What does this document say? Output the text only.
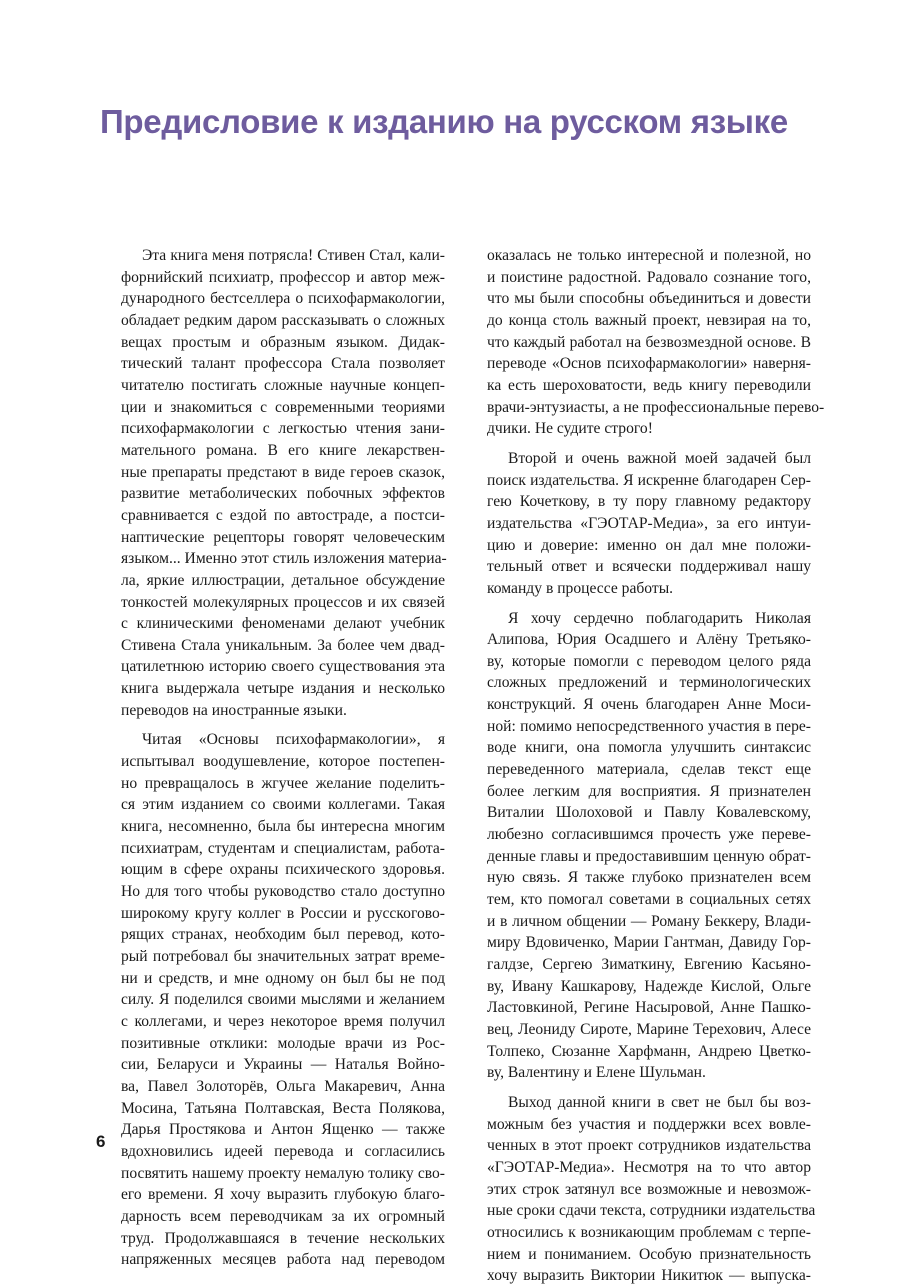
Предисловие к изданию на русском языке

Эта книга меня потрясла! Стивен Стал, кали-
форнийский психиатр, профессор и автор меж-
дународного бестселлера о психофармакологии,
обладает редким даром рассказывать о сложных
вещах простым и образным языком. Дидак-
тический талант профессора Стала позволяет
читателю постигать сложные научные концеп-
ции и знакомиться с современными теориями
психофармакологии с легкостью чтения зани-
мательного романа. В его книге лекарствен-
ные препараты предстают в виде героев сказок,
развитие метаболических побочных эффектов
сравнивается с ездой по автостраде, а постси-
наптические рецепторы говорят человеческим
языком... Именно этот стиль изложения материа-
ла, яркие иллюстрации, детальное обсуждение
тонкостей молекулярных процессов и их связей
с клиническими феноменами делают учебник
Стивена Стала уникальным. За более чем двад-
цатилетнюю историю своего существования эта
книга выдержала четыре издания и несколько
переводов на иностранные языки.

Читая «Основы психофармакологии», я
испытывал воодушевление, которое постепен-
но превращалось в жгучее желание поделить-
ся этим изданием со своими коллегами. Такая
книга, несомненно, была бы интересна многим
психиатрам, студентам и специалистам, работа-
ющим в сфере охраны психического здоровья.
Но для того чтобы руководство стало доступно
широкому кругу коллег в России и русскогово-
рящих странах, необходим был перевод, кото-
рый потребовал бы значительных затрат време-
ни и средств, и мне одному он был бы не под
силу. Я поделился своими мыслями и желанием
с коллегами, и через некоторое время получил
позитивные отклики: молодые врачи из Рос-
сии, Беларуси и Украины — Наталья Войно-
ва, Павел Золоторёв, Ольга Макаревич, Анна
Мосина, Татьяна Полтавская, Веста Полякова,
Дарья Простякова и Антон Ященко — также
вдохновились идеей перевода и согласились
посвятить нашему проекту немалую толику сво-
его времени. Я хочу выразить глубокую благо-
дарность всем переводчикам за их огромный
труд. Продолжавшаяся в течение нескольких
напряженных месяцев работа над переводом

оказалась не только интересной и полезной, но
и поистине радостной. Радовало сознание того,
что мы были способны объединиться и довести
до конца столь важный проект, невзирая на то,
что каждый работал на безвозмездной основе. В
переводе «Основ психофармакологии» наверня-
ка есть шероховатости, ведь книгу переводили
врачи-энтузиасты, а не профессиональные перево-
дчики. Не судите строго!

Второй и очень важной моей задачей был
поиск издательства. Я искренне благодарен Сер-
гею Кочеткову, в ту пору главному редактору
издательства «ГЭОТАР-Медиа», за его интуи-
цию и доверие: именно он дал мне положи-
тельный ответ и всячески поддерживал нашу
команду в процессе работы.

Я хочу сердечно поблагодарить Николая
Алипова, Юрия Осадшего и Алёну Третьяко-
ву, которые помогли с переводом целого ряда
сложных предложений и терминологических
конструкций. Я очень благодарен Анне Моси-
ной: помимо непосредственного участия в пере-
воде книги, она помогла улучшить синтаксис
переведенного материала, сделав текст еще
более легким для восприятия. Я признателен
Виталии Шолоховой и Павлу Ковалевскому,
любезно согласившимся прочесть уже переве-
денные главы и предоставившим ценную обрат-
ную связь. Я также глубоко признателен всем
тем, кто помогал советами в социальных сетях
и в личном общении — Роману Беккеру, Влади-
миру Вдовиченко, Марии Гантман, Давиду Гор-
галдзе, Сергею Зиматкину, Евгению Касьяно-
ву, Ивану Кашкарову, Надежде Кислой, Ольге
Ластовкиной, Регине Насыровой, Анне Пашко-
вец, Леониду Сироте, Марине Терехович, Алесе
Толпеко, Сюзанне Харфманн, Андрею Цветко-
ву, Валентину и Елене Шульман.

Выход данной книги в свет не был бы воз-
можным без участия и поддержки всех вовле-
ченных в этот проект сотрудников издательства
«ГЭОТАР-Медиа». Несмотря на то что автор
этих строк затянул все возможные и невозмож-
ные сроки сдачи текста, сотрудники издательства
относились к возникающим проблемам с терпе-
нием и пониманием. Особую признательность
хочу выразить Виктории Никитюк — выпуска-

6
